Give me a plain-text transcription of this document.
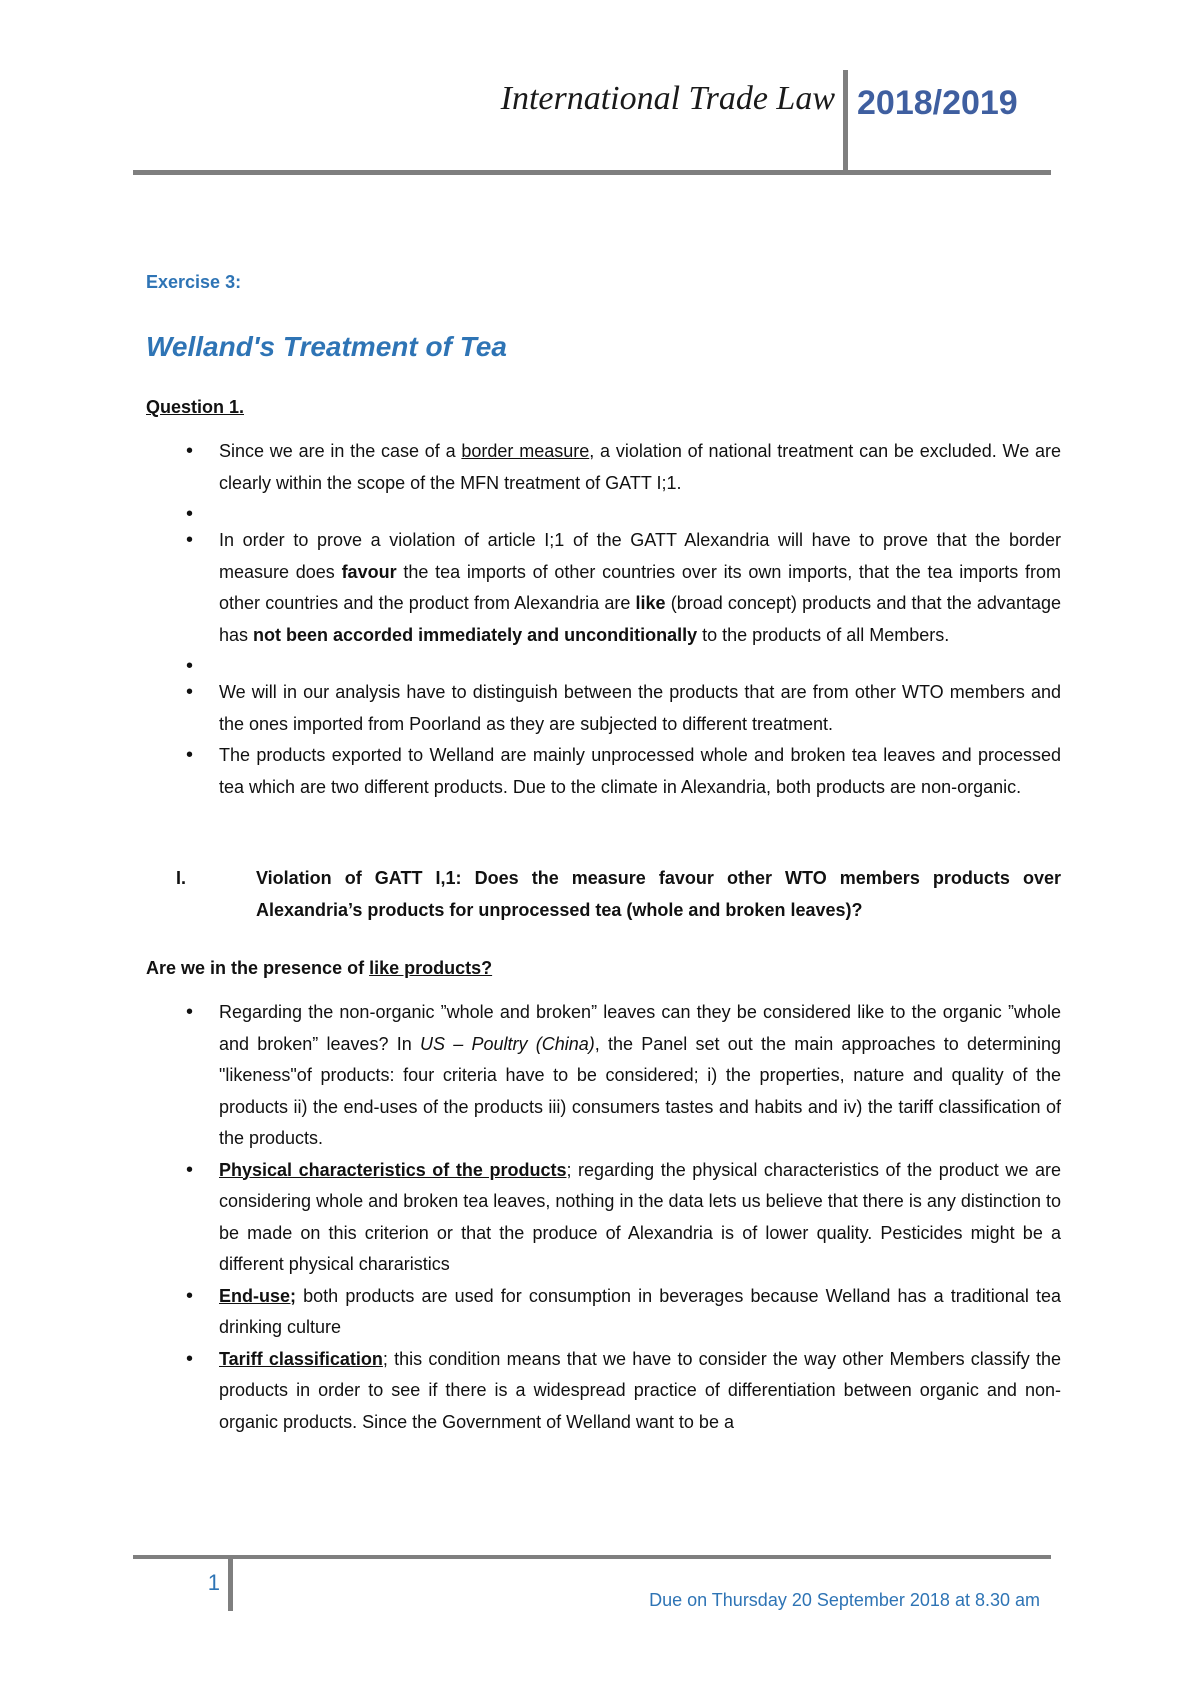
International Trade Law 2018/2019

Exercise 3:

Welland's Treatment of Tea

Question 1.

• Since we are in the case of a border measure, a violation of national treatment can be excluded. We are clearly within the scope of the MFN treatment of GATT I;1.
•
• In order to prove a violation of article I;1 of the GATT Alexandria will have to prove that the border measure does favour the tea imports of other countries over its own imports, that the tea imports from other countries and the product from Alexandria are like (broad concept) products and that the advantage has not been accorded immediately and unconditionally to the products of all Members.
•
• We will in our analysis have to distinguish between the products that are from other WTO members and the ones imported from Poorland as they are subjected to different treatment.
• The products exported to Welland are mainly unprocessed whole and broken tea leaves and processed tea which are two different products. Due to the climate in Alexandria, both products are non-organic.
I.	Violation of GATT I,1: Does the measure favour other WTO members products over Alexandria’s products for unprocessed tea (whole and broken leaves)?

Are we in the presence of like products?

• Regarding the non-organic ”whole and broken” leaves can they be considered like to the organic ”whole and broken” leaves? In US – Poultry (China), the Panel set out the main approaches to determining "likeness"of products: four criteria have to be considered; i) the properties, nature and quality of the products ii) the end-uses of the products iii) consumers tastes and habits and iv) the tariff classification of the products.
• Physical characteristics of the products; regarding the physical characteristics of the product we are considering whole and broken tea leaves, nothing in the data lets us believe that there is any distinction to be made on this criterion or that the produce of Alexandria is of lower quality. Pesticides might be a different physical chararistics
• End-use; both products are used for consumption in beverages because Welland has a traditional tea drinking culture
• Tariff classification; this condition means that we have to consider the way other Members classify the products in order to see if there is a widespread practice of differentiation between organic and non-organic products. Since the Government of Welland want to be a
1
Due on Thursday 20 September 2018 at 8.30 am
